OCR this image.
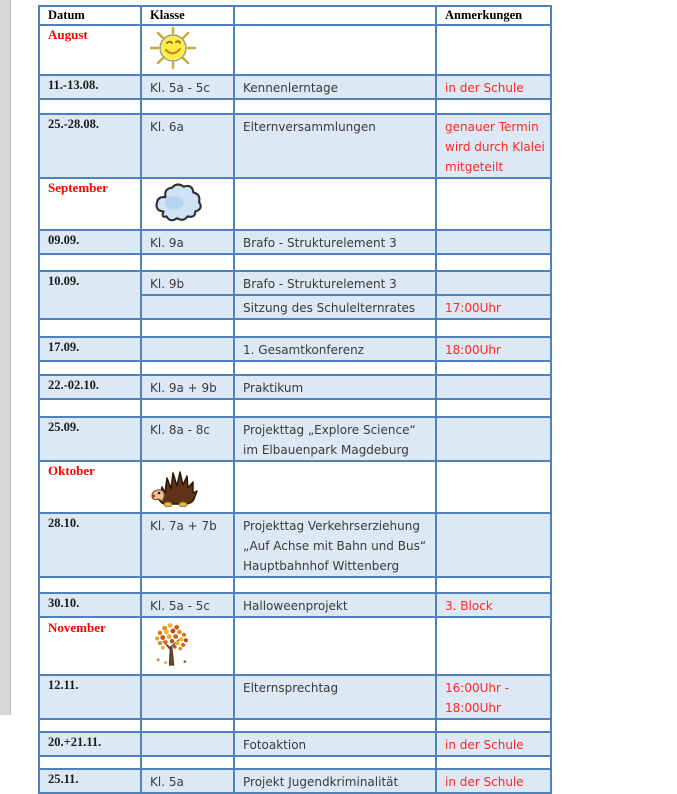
Datum	Klasse		Anmerkungen
August			
11.-13.08.	Kl. 5a - 5c	Kennenlerntage	in der Schule

25.-28.08.	Kl. 6a	Elternversammlungen	genauer Termin
wird durch Klalei
mitgeteilt
September			
09.09.	Kl. 9a	Brafo - Strukturelement 3	

10.09.	Kl. 9b	Brafo - Strukturelement 3	
		Sitzung des Schulelternrates	17:00Uhr

17.09.		1. Gesamtkonferenz	18:00Uhr

22.-02.10.	Kl. 9a + 9b	Praktikum	

25.09.	Kl. 8a - 8c	Projekttag „Explore Science“
im Elbauenpark Magdeburg	
Oktober			
28.10.	Kl. 7a + 7b	Projekttag Verkehrserziehung
„Auf Achse mit Bahn und Bus“
Hauptbahnhof Wittenberg	

30.10.	Kl. 5a - 5c	Halloweenprojekt	3. Block
November			
12.11.		Elternsprechtag	16:00Uhr -
18:00Uhr

20.+21.11.		Fotoaktion	in der Schule

25.11.	Kl. 5a	Projekt Jugendkriminalität	in der Schule
